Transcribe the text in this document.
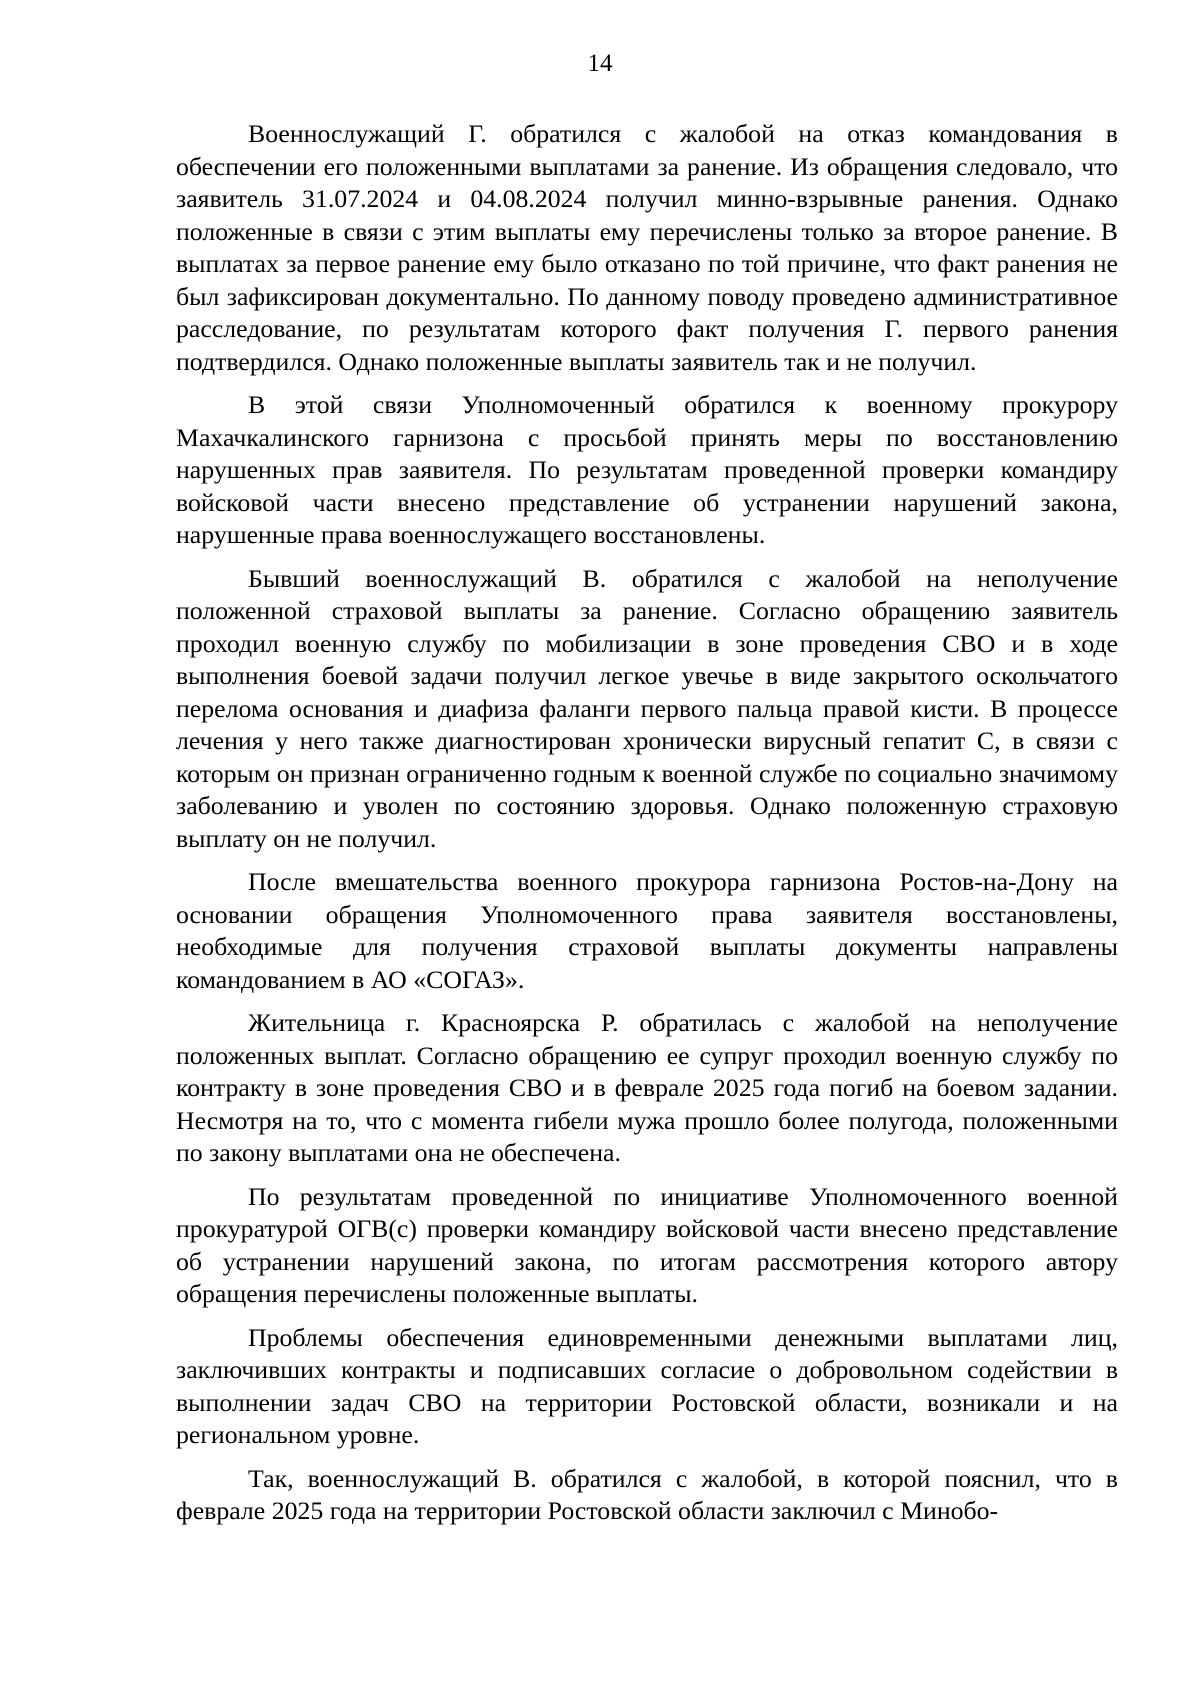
14

Военнослужащий Г. обратился с жалобой на отказ командования в обеспечении его положенными выплатами за ранение. Из обращения следовало, что заявитель 31.07.2024 и 04.08.2024 получил минно-взрывные ранения. Однако положенные в связи с этим выплаты ему перечислены только за второе ранение. В выплатах за первое ранение ему было отказано по той причине, что факт ранения не был зафиксирован документально. По данному поводу проведено административное расследование, по результатам которого факт получения Г. первого ранения подтвердился. Однако положенные выплаты заявитель так и не получил.

В этой связи Уполномоченный обратился к военному прокурору Махачкалинского гарнизона с просьбой принять меры по восстановлению нарушенных прав заявителя. По результатам проведенной проверки командиру войсковой части внесено представление об устранении нарушений закона, нарушенные права военнослужащего восстановлены.

Бывший военнослужащий В. обратился с жалобой на неполучение положенной страховой выплаты за ранение. Согласно обращению заявитель проходил военную службу по мобилизации в зоне проведения СВО и в ходе выполнения боевой задачи получил легкое увечье в виде закрытого оскольчатого перелома основания и диафиза фаланги первого пальца правой кисти. В процессе лечения у него также диагностирован хронически вирусный гепатит С, в связи с которым он признан ограниченно годным к военной службе по социально значимому заболеванию и уволен по состоянию здоровья. Однако положенную страховую выплату он не получил.

После вмешательства военного прокурора гарнизона Ростов-на-Дону на основании обращения Уполномоченного права заявителя восстановлены, необходимые для получения страховой выплаты документы направлены командованием в АО «СОГАЗ».

Жительница г. Красноярска Р. обратилась с жалобой на неполучение положенных выплат. Согласно обращению ее супруг проходил военную службу по контракту в зоне проведения СВО и в феврале 2025 года погиб на боевом задании. Несмотря на то, что с момента гибели мужа прошло более полугода, положенными по закону выплатами она не обеспечена.

По результатам проведенной по инициативе Уполномоченного военной прокуратурой ОГВ(с) проверки командиру войсковой части внесено представление об устранении нарушений закона, по итогам рассмотрения которого автору обращения перечислены положенные выплаты.

Проблемы обеспечения единовременными денежными выплатами лиц, заключивших контракты и подписавших согласие о добровольном содействии в выполнении задач СВО на территории Ростовской области, возникали и на региональном уровне.

Так, военнослужащий В. обратился с жалобой, в которой пояснил, что в феврале 2025 года на территории Ростовской области заключил с Минобо-
